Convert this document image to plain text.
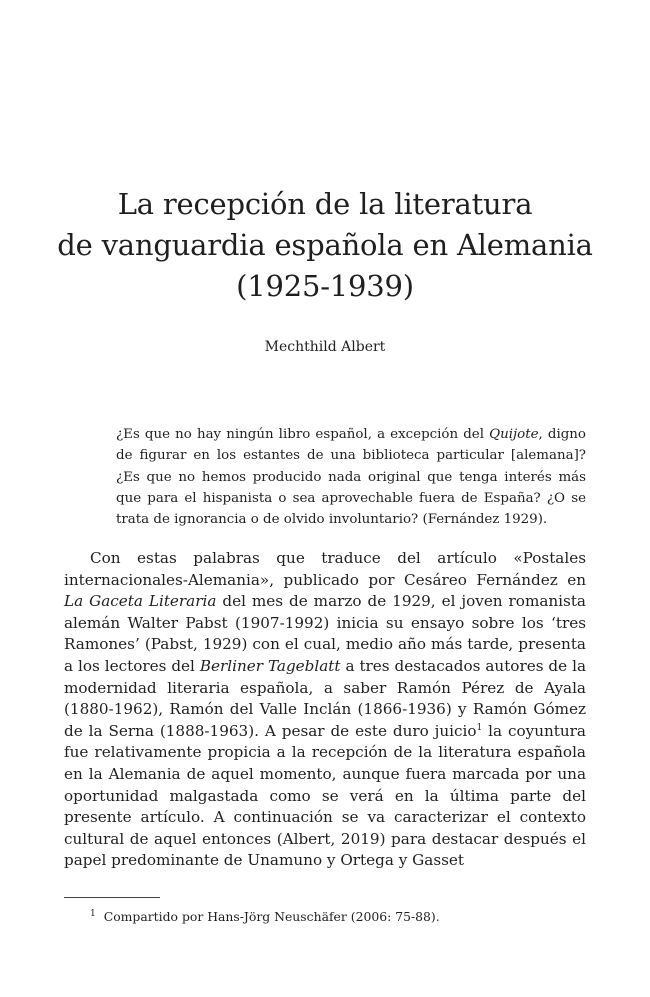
La recepción de la literatura
de vanguardia española en Alemania
(1925-1939)
Mechthild Albert

¿Es que no hay ningún libro español, a excepción del Quijote, digno de figurar en los estantes de una biblioteca particular [alemana]? ¿Es que no hemos producido nada original que tenga interés más que para el hispanista o sea aprovechable fuera de España? ¿O se trata de ignorancia o de olvido involuntario? (Fernández 1929).

Con estas palabras que traduce del artículo «Postales internacionales-Alemania», publicado por Cesáreo Fernández en La Gaceta Literaria del mes de marzo de 1929, el joven romanista alemán Walter Pabst (1907-1992) inicia su ensayo sobre los ‘tres Ramones’ (Pabst, 1929) con el cual, medio año más tarde, presenta a los lectores del Berliner Tageblatt a tres destacados autores de la modernidad literaria española, a saber Ramón Pérez de Ayala (1880-1962), Ramón del Valle Inclán (1866-1936) y Ramón Gómez de la Serna (1888-1963). A pesar de este duro juicio$^1$ la coyuntura fue relativamente propicia a la recepción de la literatura española en la Alemania de aquel momento, aunque fuera marcada por una oportunidad malgastada como se verá en la última parte del presente artículo. A continuación se va caracterizar el contexto cultural de aquel entonces (Albert, 2019) para destacar después el papel predominante de Unamuno y Ortega y Gasset

$^1$ Compartido por Hans-Jörg Neuschäfer (2006: 75-88).
